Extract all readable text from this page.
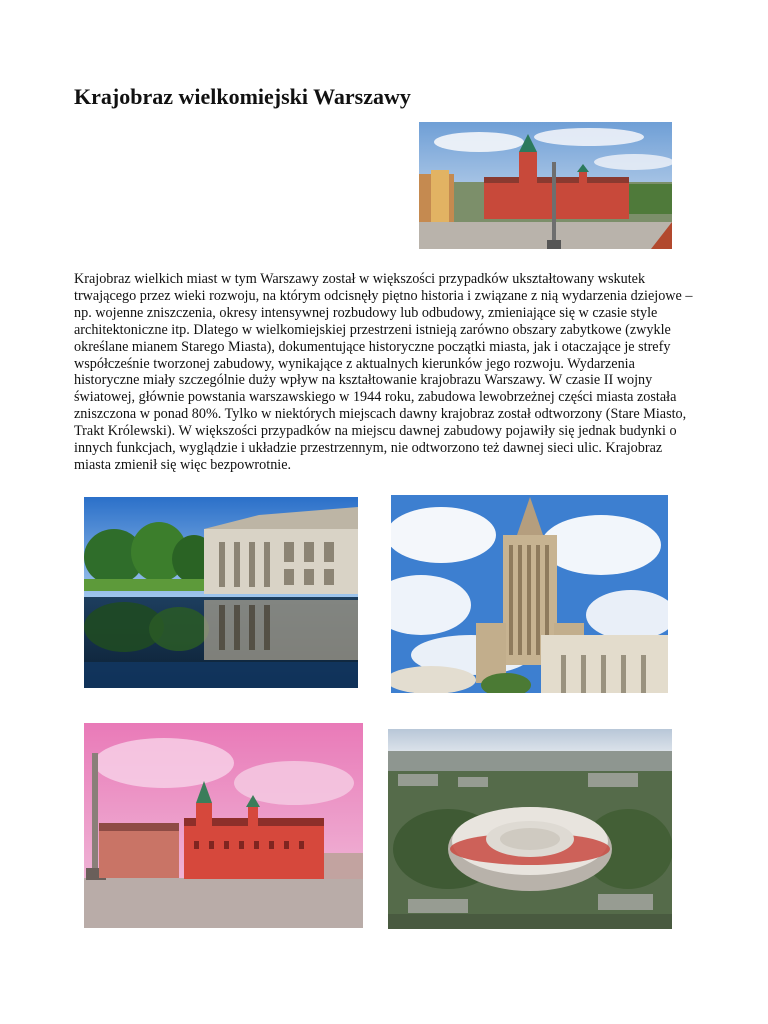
Krajobraz wielkomiejski Warszawy

Krajobraz wielkich miast w tym Warszawy został w większości przypadków ukształtowany wskutek trwającego przez wieki rozwoju, na którym odcisnęły piętno historia i związane z nią wydarzenia dziejowe – np. wojenne zniszczenia, okresy intensywnej rozbudowy lub odbudowy, zmieniające się w czasie style architektoniczne itp. Dlatego w wielkomiejskiej przestrzeni istnieją zarówno obszary zabytkowe (zwykle określane mianem Starego Miasta), dokumentujące historyczne początki miasta, jak i otaczające je strefy współcześnie tworzonej zabudowy, wynikające z aktualnych kierunków jego rozwoju. Wydarzenia historyczne miały szczególnie duży wpływ na kształtowanie krajobrazu Warszawy. W czasie II wojny światowej, głównie powstania warszawskiego w 1944 roku, zabudowa lewobrzeżnej części miasta została zniszczona w ponad 80%. Tylko w niektórych miejscach dawny krajobraz został odtworzony (Stare Miasto, Trakt Królewski). W większości przypadków na miejscu dawnej zabudowy pojawiły się jednak budynki o innych funkcjach, wyglądzie i układzie przestrzennym, nie odtworzono też dawnej sieci ulic. Krajobraz miasta zmienił się więc bezpowrotnie.
